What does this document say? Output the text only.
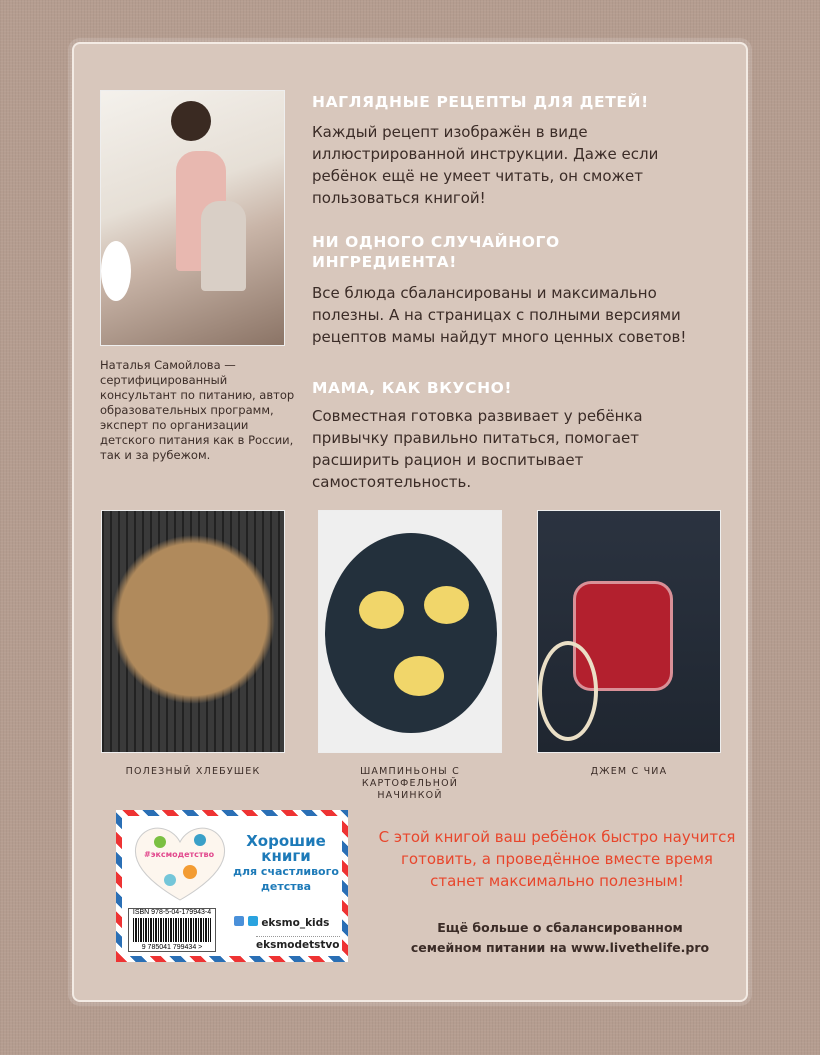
НАГЛЯДНЫЕ РЕЦЕПТЫ ДЛЯ ДЕТЕЙ!
Каждый рецепт изображён в виде иллюстрированной инструкции. Даже если ребёнок ещё не умеет читать, он сможет пользоваться книгой!
НИ ОДНОГО СЛУЧАЙНОГО ИНГРЕДИЕНТА!
Все блюда сбалансированы и максимально полезны. А на страницах с полными версиями рецептов мамы найдут много ценных советов!
МАМА, КАК ВКУСНО!
Совместная готовка развивает у ребёнка привычку правильно питаться, помогает расширить рацион и воспитывает самостоятельность.
Наталья Самойлова — сертифицированный консультант по питанию, автор образовательных программ, эксперт по организации детского питания как в России, так и за рубежом.
ПОЛЕЗНЫЙ ХЛЕБУШЕК	ШАМПИНЬОНЫ С КАРТОФЕЛЬНОЙ НАЧИНКОЙ
ДЖЕМ С ЧИА
#эксмодетство
Хорошие
книги
для счастливого
детства
ISBN 978-5-04-179943-4
9 785041 799434 >
eksmo_kids
eksmodetstvo
С этой книгой ваш ребёнок быстро научится готовить, а проведённое вместе время станет максимально полезным!
Ещё больше о сбалансированном семейном питании на www.livethelife.pro
